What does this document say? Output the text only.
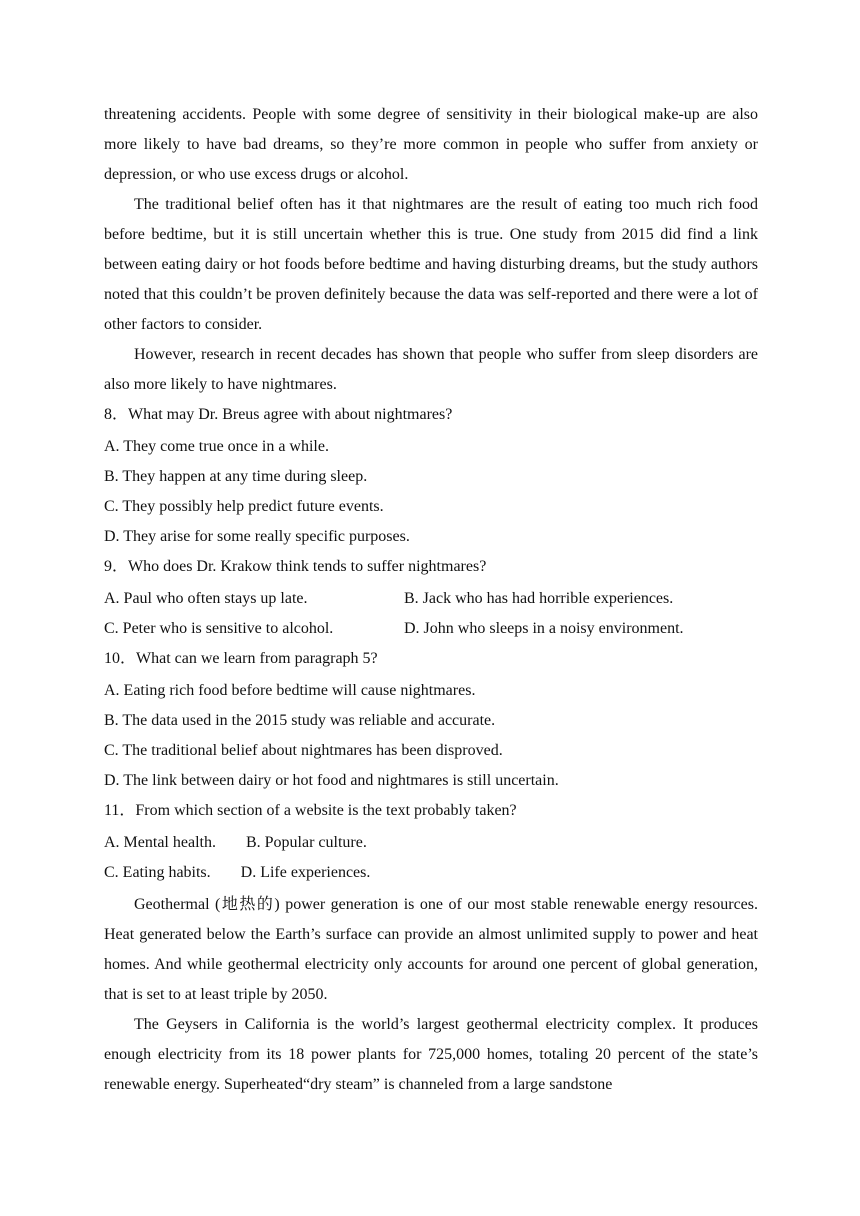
threatening accidents. People with some degree of sensitivity in their biological make-up are also more likely to have bad dreams, so they’re more common in people who suffer from anxiety or depression, or who use excess drugs or alcohol.

The traditional belief often has it that nightmares are the result of eating too much rich food before bedtime, but it is still uncertain whether this is true. One study from 2015 did find a link between eating dairy or hot foods before bedtime and having disturbing dreams, but the study authors noted that this couldn’t be proven definitely because the data was self-reported and there were a lot of other factors to consider.

However, research in recent decades has shown that people who suffer from sleep disorders are also more likely to have nightmares.

8．What may Dr. Breus agree with about nightmares?

A. They come true once in a while.

B. They happen at any time during sleep.

C. They possibly help predict future events.

D. They arise for some really specific purposes.

9．Who does Dr. Krakow think tends to suffer nightmares?

A. Paul who often stays up late.	B. Jack who has had horrible experiences.
C. Peter who is sensitive to alcohol.	D. John who sleeps in a noisy environment.

10．What can we learn from paragraph 5?

A. Eating rich food before bedtime will cause nightmares.

B. The data used in the 2015 study was reliable and accurate.

C. The traditional belief about nightmares has been disproved.

D. The link between dairy or hot food and nightmares is still uncertain.

11．From which section of a website is the text probably taken?

A. Mental health. B. Popular culture.
C. Eating habits. D. Life experiences.

Geothermal (地热的) power generation is one of our most stable renewable energy resources. Heat generated below the Earth’s surface can provide an almost unlimited supply to power and heat homes. And while geothermal electricity only accounts for around one percent of global generation, that is set to at least triple by 2050.

The Geysers in California is the world’s largest geothermal electricity complex. It produces enough electricity from its 18 power plants for 725,000 homes, totaling 20 percent of the state’s renewable energy. Superheated“dry steam” is channeled from a large sandstone
